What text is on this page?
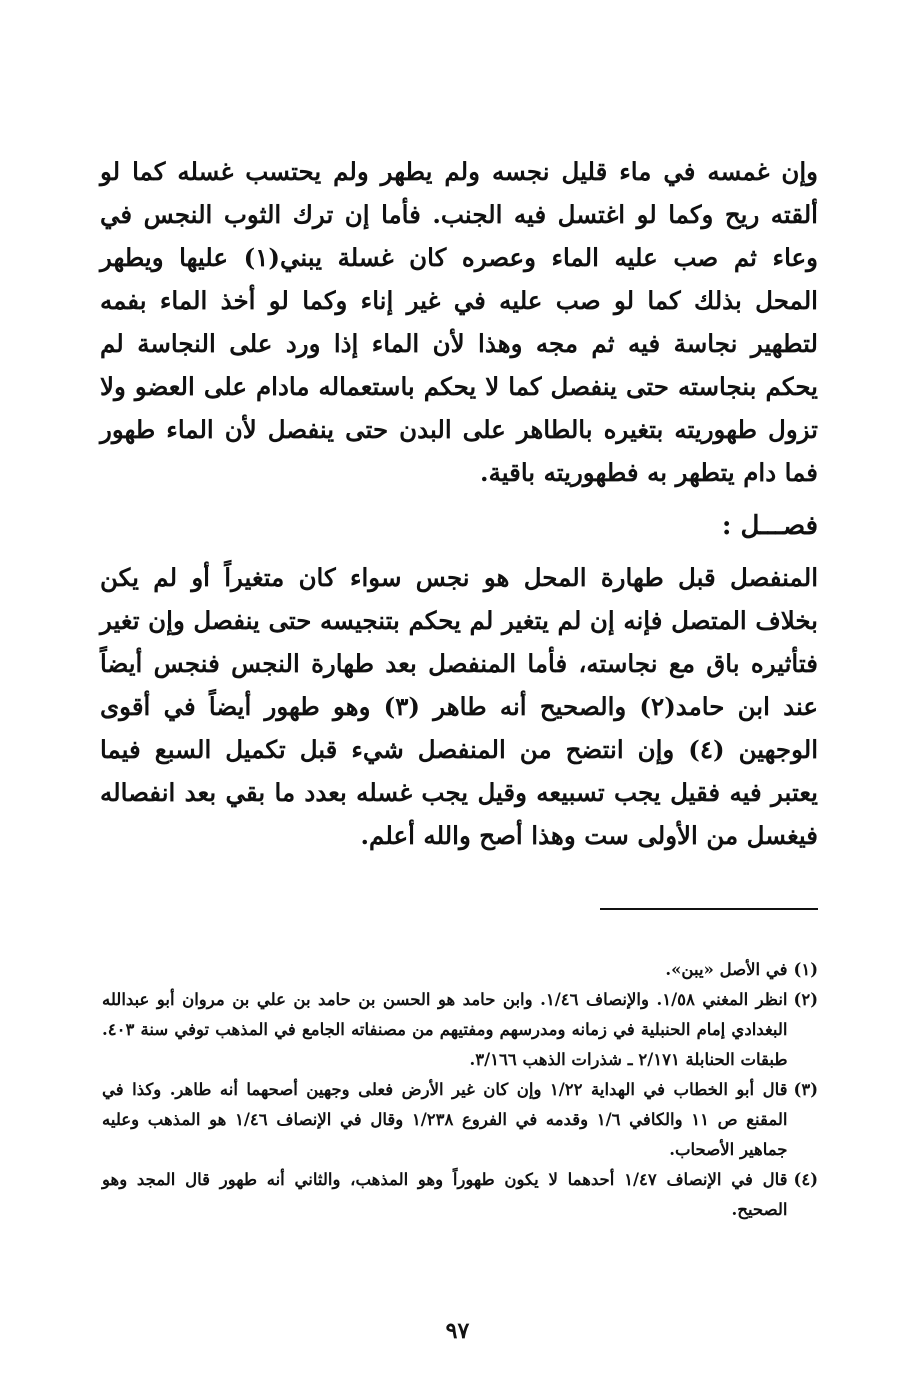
وإن غمسه في ماء قليل نجسه ولم يطهر ولم يحتسب غسله كما لو ألقته ريح وكما لو اغتسل فيه الجنب. فأما إن ترك الثوب النجس في وعاء ثم صب عليه الماء وعصره كان غسلة يبني(١) عليها ويطهر المحل بذلك كما لو صب عليه في غير إناء وكما لو أخذ الماء بفمه لتطهير نجاسة فيه ثم مجه وهذا لأن الماء إذا ورد على النجاسة لم يحكم بنجاسته حتى ينفصل كما لا يحكم باستعماله مادام على العضو ولا تزول طهوريته بتغيره بالطاهر على البدن حتى ينفصل لأن الماء طهور فما دام يتطهر به فطهوريته باقية.

فصـــل :

المنفصل قبل طهارة المحل هو نجس سواء كان متغيراً أو لم يكن بخلاف المتصل فإنه إن لم يتغير لم يحكم بتنجيسه حتى ينفصل وإن تغير فتأثيره باق مع نجاسته، فأما المنفصل بعد طهارة النجس فنجس أيضاً عند ابن حامد(٢) والصحيح أنه طاهر (٣) وهو طهور أيضاً في أقوى الوجهين (٤) وإن انتضح من المنفصل شيء قبل تكميل السبع فيما يعتبر فيه فقيل يجب تسبيعه وقيل يجب غسله بعدد ما بقي بعد انفصاله فيغسل من الأولى ست وهذا أصح والله أعلم.

(١)
في الأصل «يبن».
(٢)
انظر المغني ١/٥٨. والإنصاف ١/٤٦. وابن حامد هو الحسن بن حامد بن علي بن مروان أبو عبدالله البغدادي إمام الحنبلية في زمانه ومدرسهم ومفتيهم من مصنفاته الجامع في المذهب توفي سنة ٤٠٣. طبقات الحنابلة ٢/١٧١ ـ شذرات الذهب ٣/١٦٦.
(٣)
قال أبو الخطاب في الهداية ١/٢٢ وإن كان غير الأرض فعلى وجهين أصحهما أنه طاهر. وكذا في المقنع ص ١١ والكافي ١/٦ وقدمه في الفروع ١/٢٣٨ وقال في الإنصاف ١/٤٦ هو المذهب وعليه جماهير الأصحاب.
(٤)
قال في الإنصاف ١/٤٧ أحدهما لا يكون طهوراً وهو المذهب، والثاني أنه طهور قال المجد وهو الصحيح.
٩٧
